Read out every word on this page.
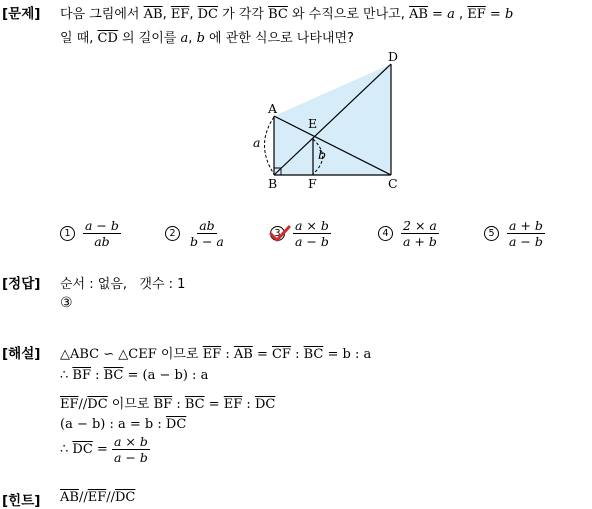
[문제] 다음 그림에서 $\overline{AB}$, $\overline{EF}$, $\overline{DC}$ 가 각각 $\overline{BC}$ 와 수직으로 만나고, $\overline{AB} = a$ , $\overline{EF} = b$
일 때, $\overline{CD}$ 의 길이를 a, b 에 관한 식으로 나타내면?
D
A
E
a
b
B F	C
$1 \frac{a - b}{ab}$	$2 \frac{ab}{b - a}$	$3 \frac{a \times b}{a - b}$	$4 \frac{2 \times a}{a + b}$	$5 \frac{a + b}{a - b}$
[정답] 순서 : 없음,   갯수 : 1
③
[해설] △ABC ∽ △CEF 이므로 $\overline{EF}$ : $\overline{AB} = \overline{CF}$ : $\overline{BC} = b$ : a
∴ $\overline{BF}$ : $\overline{BC} = (a - b)$ : a
$\overline{EF}//\overline{DC}$ 이므로 $\overline{BF}$ : $\overline{BC} = \overline{EF}$ : $\overline{DC}$
(a − b) : a = b : $\overline{DC}$
∴ $\overline{DC} = \frac{a \times b}{a - b}$
[힌트] $\overline{AB}//\overline{EF}//\overline{DC}$
